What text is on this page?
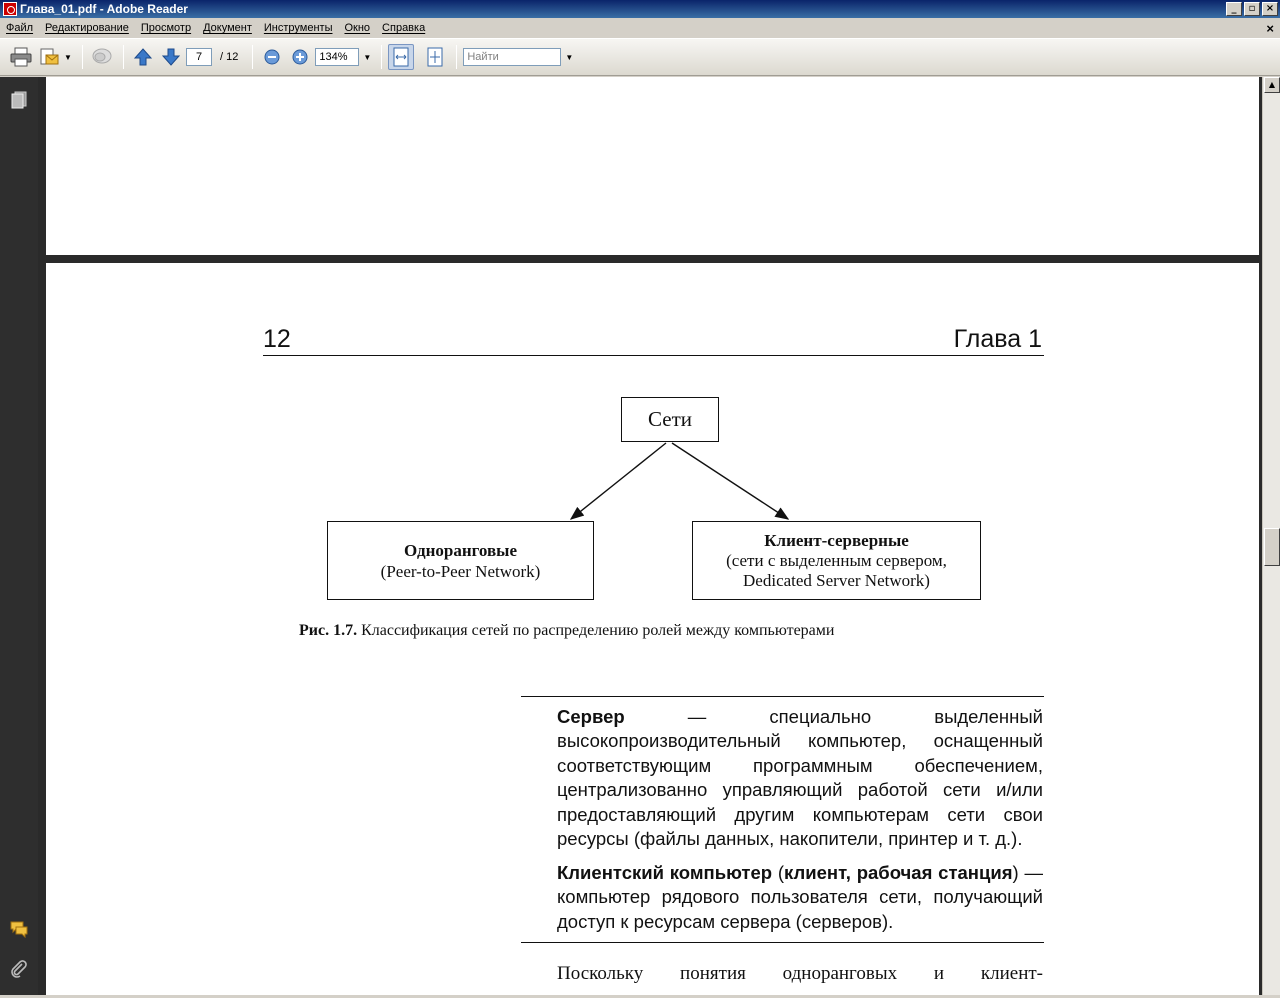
Глава_01.pdf - Adobe Reader	_	▫	×
Файл	Редактирование	Просмотр	Документ	Инструменты	Окно	Справка	×
▼	7	/ 12	134%	▼	Найти	▼
12	Глава 1
Сети
Одноранговые
(Peer-to-Peer Network)
Клиент-серверные
(сети с выделенным сервером,
Dedicated Server Network)
Рис. 1.7. Классификация сетей по распределению ролей между компьютерами
Сервер — специально выделенный высокопроизводительный компьютер, оснащенный соответствующим программным обеспечением, централизованно управляющий работой сети и/или предоставляющий другим компьютерам сети свои ресурсы (файлы данных, накопители, принтер и т. д.).
Клиентский компьютер (клиент, рабочая станция) — компьютер рядового пользователя сети, получающий доступ к ресурсам сервера (серверов).
Поскольку понятия одноранговых и клиент-
▲
